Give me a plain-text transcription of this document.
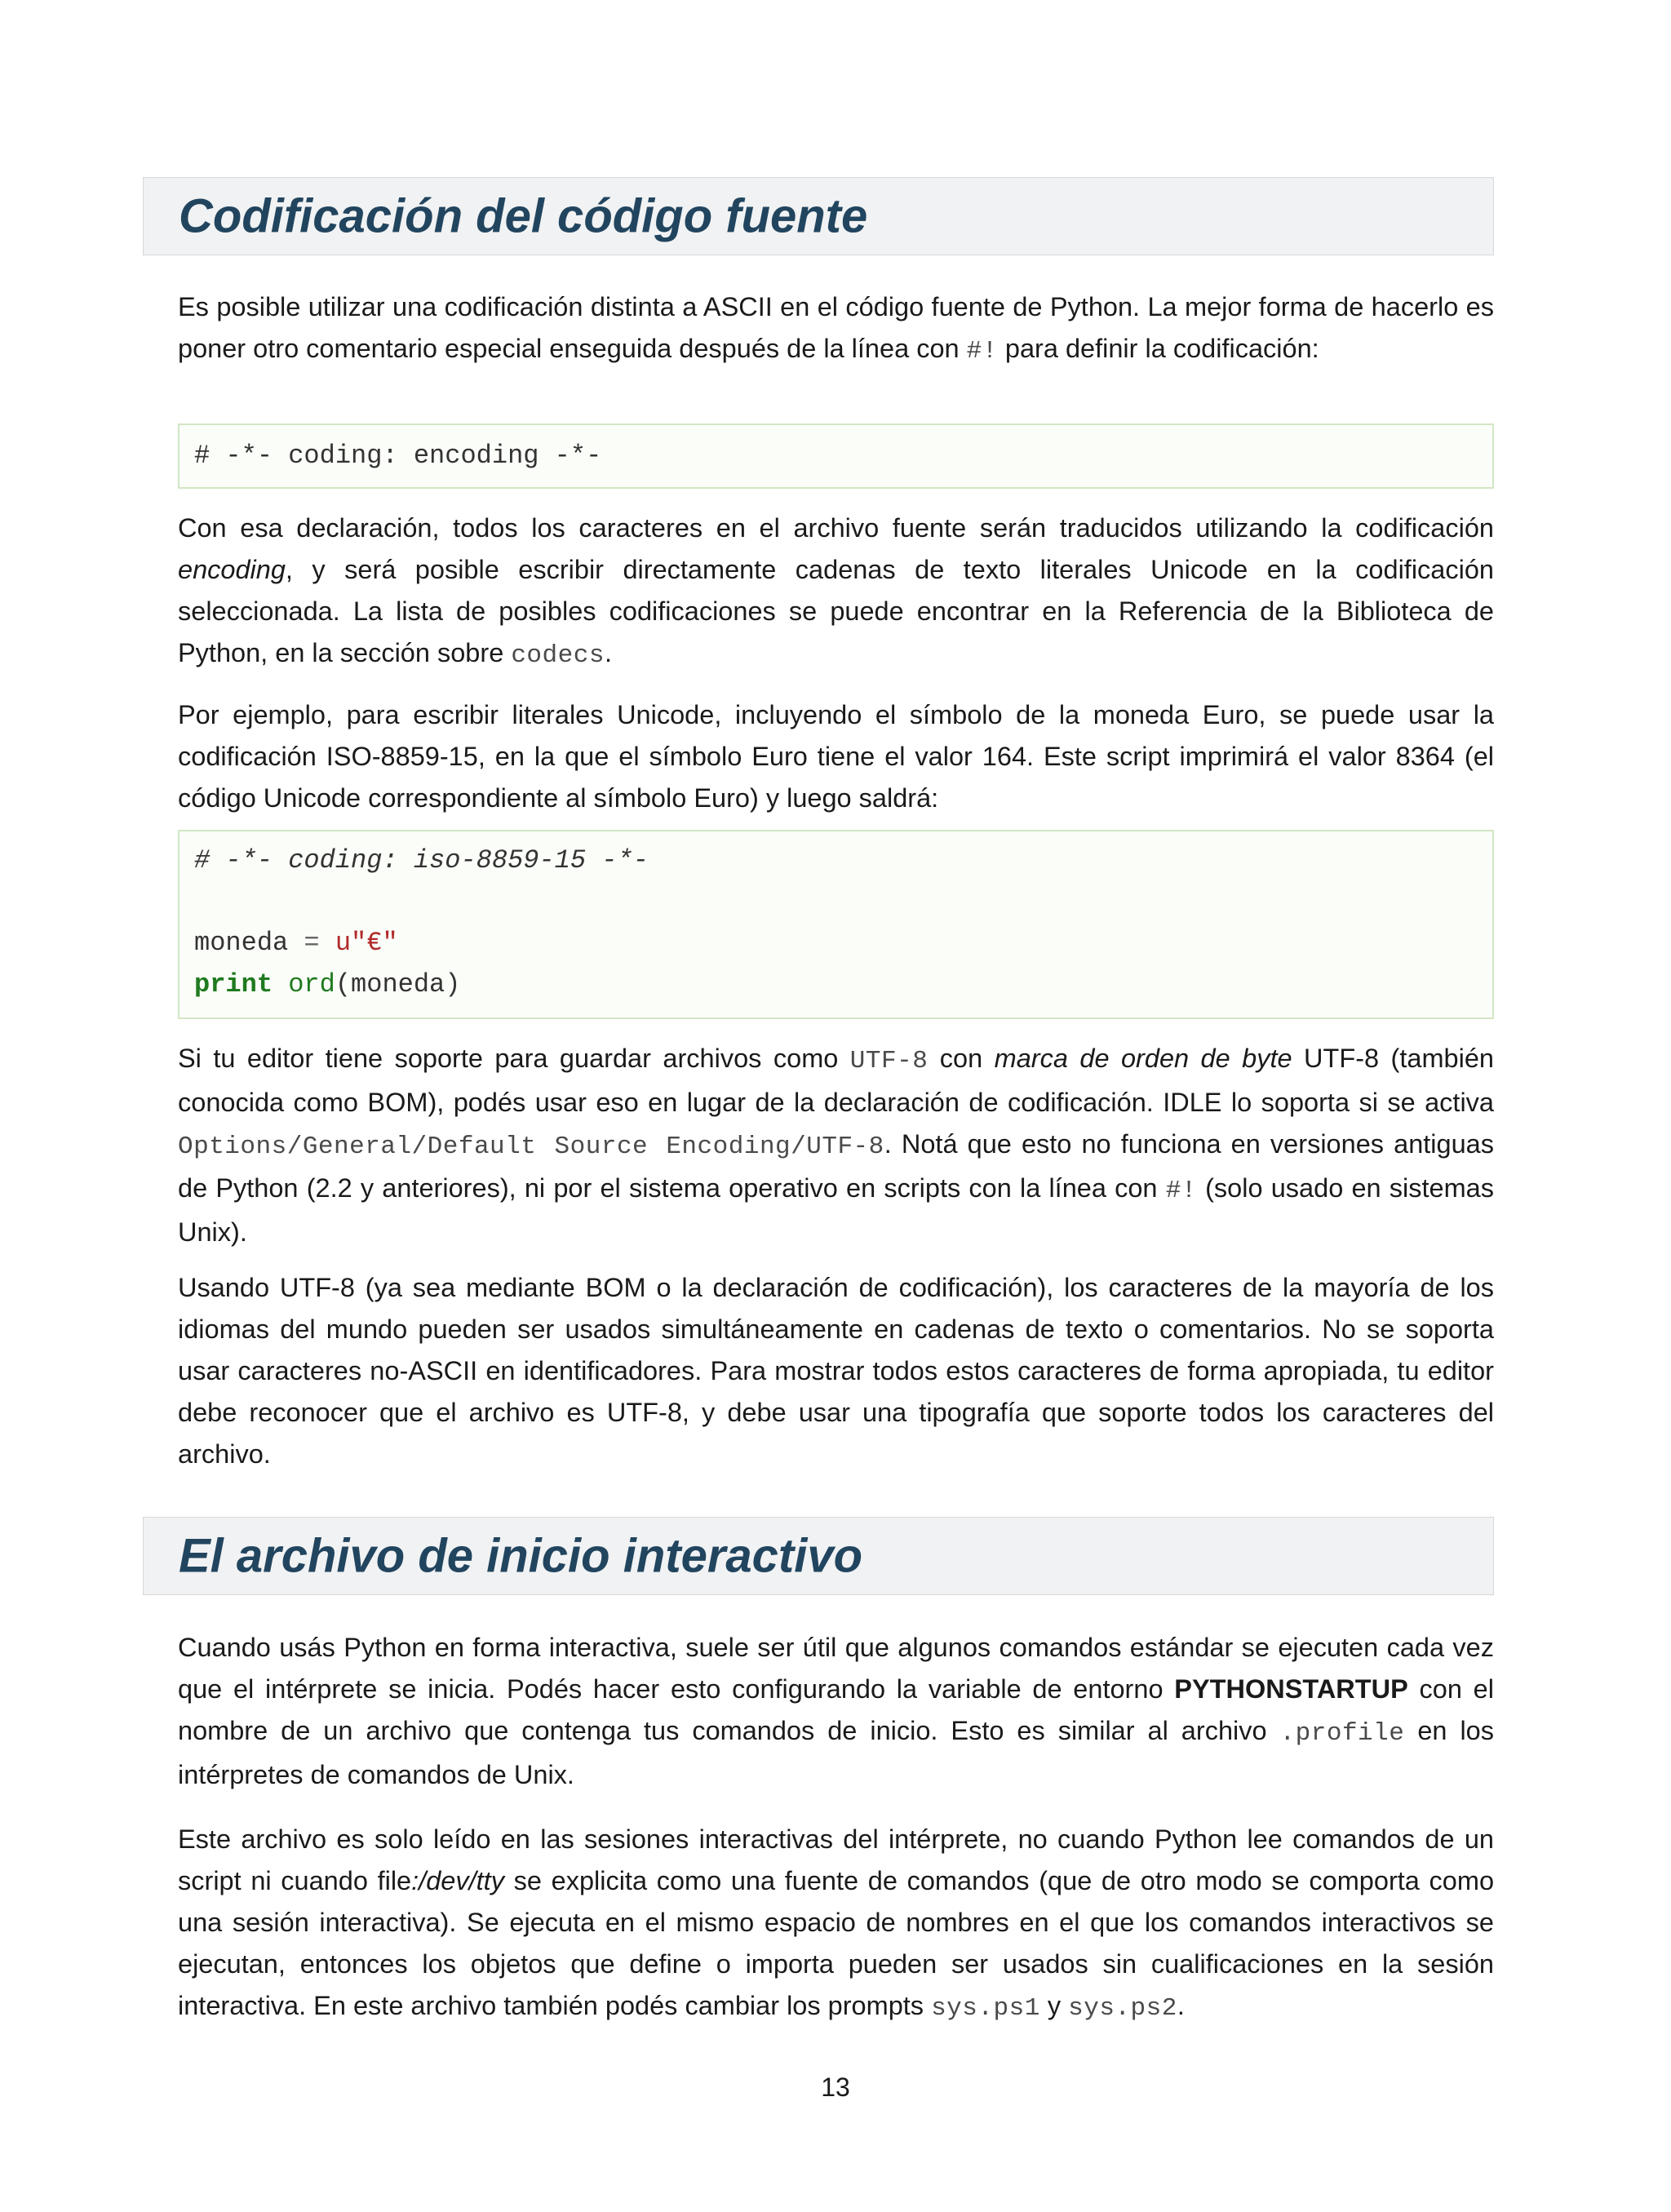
Codificación del código fuente

Es posible utilizar una codificación distinta a ASCII en el código fuente de Python. La mejor forma de hacerlo es poner otro comentario especial enseguida después de la línea con #! para definir la codificación:

# -*- coding: encoding -*-

Con esa declaración, todos los caracteres en el archivo fuente serán traducidos utilizando la codificación encoding, y será posible escribir directamente cadenas de texto literales Unicode en la codificación seleccionada. La lista de posibles codificaciones se puede encontrar en la Referencia de la Biblioteca de Python, en la sección sobre codecs.

Por ejemplo, para escribir literales Unicode, incluyendo el símbolo de la moneda Euro, se puede usar la codificación ISO-8859-15, en la que el símbolo Euro tiene el valor 164. Este script imprimirá el valor 8364 (el código Unicode correspondiente al símbolo Euro) y luego saldrá:

# -*- coding: iso-8859-15 -*-
moneda = u"€"
print ord(moneda)

Si tu editor tiene soporte para guardar archivos como UTF-8 con marca de orden de byte UTF-8 (también conocida como BOM), podés usar eso en lugar de la declaración de codificación. IDLE lo soporta si se activa Options/General/Default Source Encoding/UTF-8. Notá que esto no funciona en versiones antiguas de Python (2.2 y anteriores), ni por el sistema operativo en scripts con la línea con #! (solo usado en sistemas Unix).

Usando UTF-8 (ya sea mediante BOM o la declaración de codificación), los caracteres de la mayoría de los idiomas del mundo pueden ser usados simultáneamente en cadenas de texto o comentarios. No se soporta usar caracteres no-ASCII en identificadores. Para mostrar todos estos caracteres de forma apropiada, tu editor debe reconocer que el archivo es UTF-8, y debe usar una tipografía que soporte todos los caracteres del archivo.

El archivo de inicio interactivo

Cuando usás Python en forma interactiva, suele ser útil que algunos comandos estándar se ejecuten cada vez que el intérprete se inicia. Podés hacer esto configurando la variable de entorno PYTHONSTARTUP con el nombre de un archivo que contenga tus comandos de inicio. Esto es similar al archivo .profile en los intérpretes de comandos de Unix.

Este archivo es solo leído en las sesiones interactivas del intérprete, no cuando Python lee comandos de un script ni cuando file:/dev/tty se explicita como una fuente de comandos (que de otro modo se comporta como una sesión interactiva). Se ejecuta en el mismo espacio de nombres en el que los comandos interactivos se ejecutan, entonces los objetos que define o importa pueden ser usados sin cualificaciones en la sesión interactiva. En este archivo también podés cambiar los prompts sys.ps1 y sys.ps2.

13
